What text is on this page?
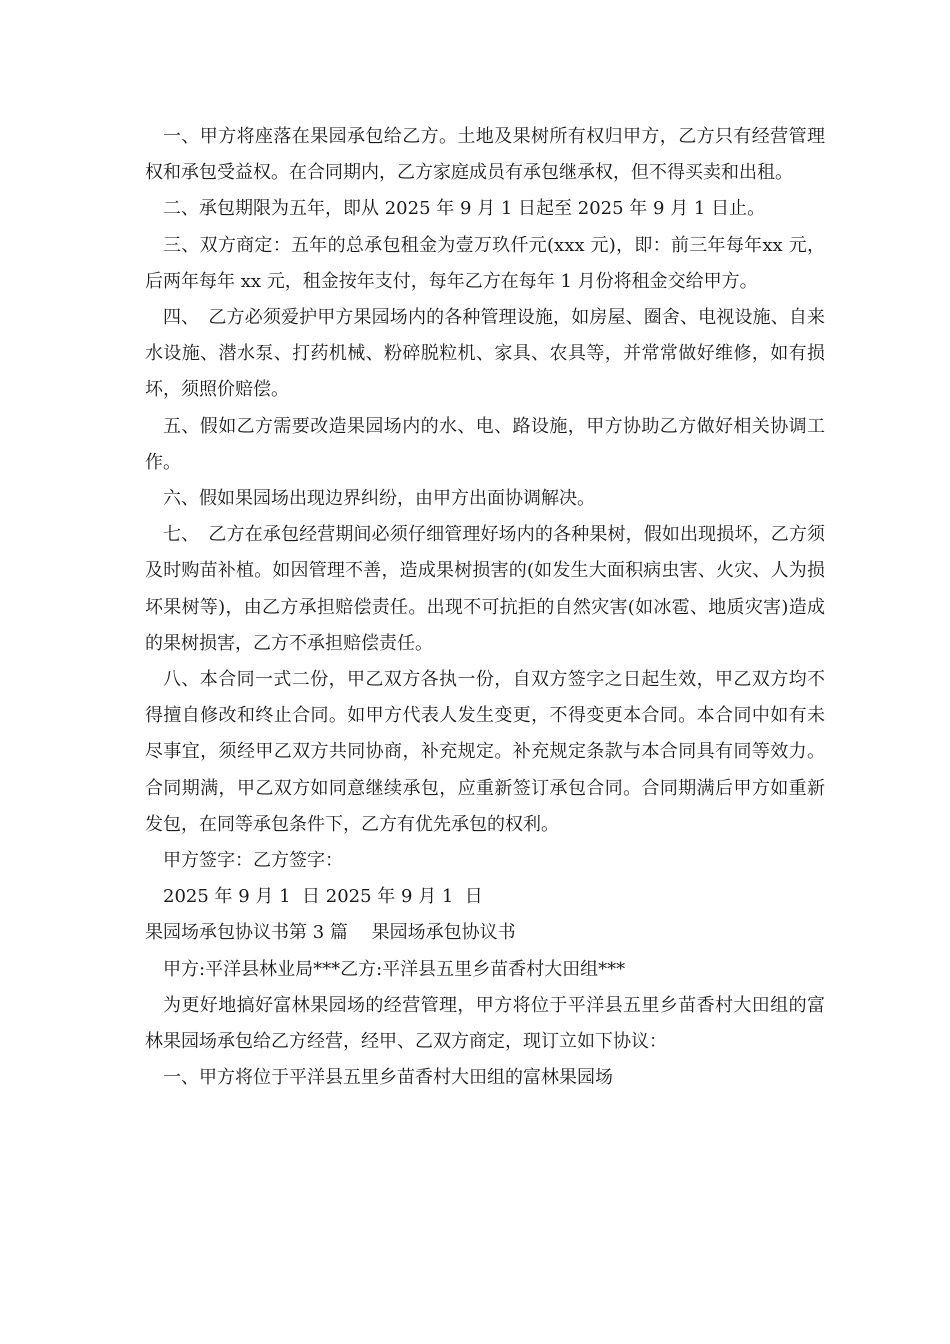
一、甲方将座落在果园承包给乙方。土地及果树所有权归甲方，乙方只有经营管理权和承包受益权。在合同期内，乙方家庭成员有承包继承权，但不得买卖和出租。

二、承包期限为五年，即从 2025 年 9 月 1 日起至 2025 年 9 月 1 日止。

三、双方商定：五年的总承包租金为壹万玖仟元(xxx 元)，即：前三年每年xx 元，后两年每年 xx 元，租金按年支付，每年乙方在每年 1 月份将租金交给甲方。

四、　乙方必须爱护甲方果园场内的各种管理设施，如房屋、圈舍、电视设施、自来水设施、潜水泵、打药机械、粉碎脱粒机、家具、农具等，并常常做好维修，如有损坏，须照价赔偿。

五、假如乙方需要改造果园场内的水、电、路设施，甲方协助乙方做好相关协调工作。

六、假如果园场出现边界纠纷，由甲方出面协调解决。

七、　乙方在承包经营期间必须仔细管理好场内的各种果树，假如出现损坏，乙方须及时购苗补植。如因管理不善，造成果树损害的(如发生大面积病虫害、火灾、人为损坏果树等)，由乙方承担赔偿责任。出现不可抗拒的自然灾害(如冰雹、地质灾害)造成的果树损害，乙方不承担赔偿责任。

八、本合同一式二份，甲乙双方各执一份，自双方签字之日起生效，甲乙双方均不得擅自修改和终止合同。如甲方代表人发生变更，不得变更本合同。本合同中如有未尽事宜，须经甲乙双方共同协商，补充规定。补充规定条款与本合同具有同等效力。合同期满，甲乙双方如同意继续承包，应重新签订承包合同。合同期满后甲方如重新发包，在同等承包条件下，乙方有优先承包的权利。

甲方签字：乙方签字：

2025 年 9 月 1  日 2025 年 9 月 1  日

果园场承包协议书第 3 篇　 果园场承包协议书

甲方:平洋县林业局***乙方:平洋县五里乡苗香村大田组***

为更好地搞好富林果园场的经营管理，甲方将位于平洋县五里乡苗香村大田组的富林果园场承包给乙方经营，经甲、乙双方商定，现订立如下协议：

一、甲方将位于平洋县五里乡苗香村大田组的富林果园场
